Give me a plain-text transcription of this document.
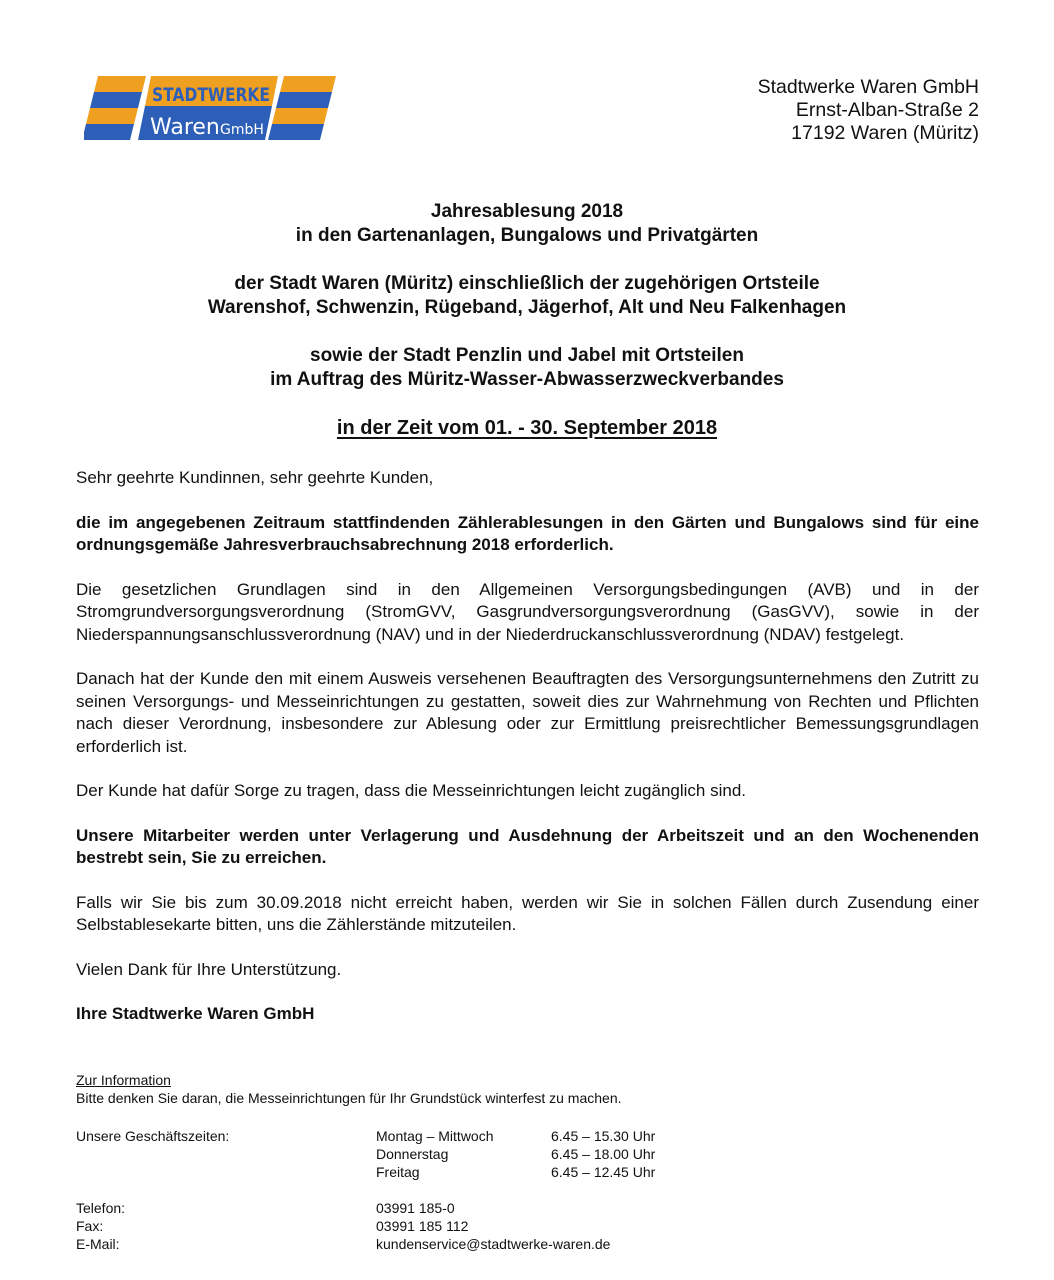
STADTWERKE
Waren GmbH
Stadtwerke Waren GmbH
Ernst-Alban-Straße 2
17192 Waren (Müritz)
Jahresablesung 2018
in den Gartenanlagen, Bungalows und Privatgärten
der Stadt Waren (Müritz) einschließlich der zugehörigen Ortsteile
Warenshof, Schwenzin, Rügeband, Jägerhof, Alt und Neu Falkenhagen
sowie der Stadt Penzlin und Jabel mit Ortsteilen
im Auftrag des Müritz-Wasser-Abwasserzweckverbandes
in der Zeit vom 01. - 30. September 2018

Sehr geehrte Kundinnen, sehr geehrte Kunden,

die im angegebenen Zeitraum stattfindenden Zählerablesungen in den Gärten und Bungalows sind für eine ordnungsgemäße Jahresverbrauchsabrechnung 2018 erforderlich.

Die gesetzlichen Grundlagen sind in den Allgemeinen Versorgungsbedingungen (AVB) und in der Stromgrundversorgungsverordnung (StromGVV, Gasgrundversorgungsverordnung (GasGVV), sowie in der Niederspannungsanschlussverordnung (NAV) und in der Niederdruckanschlussverordnung (NDAV) festgelegt.

Danach hat der Kunde den mit einem Ausweis versehenen Beauftragten des Versorgungsunternehmens den Zutritt zu seinen Versorgungs- und Messeinrichtungen zu gestatten, soweit dies zur Wahrnehmung von Rechten und Pflichten nach dieser Verordnung, insbesondere zur Ablesung oder zur Ermittlung preisrechtlicher Bemessungsgrundlagen erforderlich ist.

Der Kunde hat dafür Sorge zu tragen, dass die Messeinrichtungen leicht zugänglich sind.

Unsere Mitarbeiter werden unter Verlagerung und Ausdehnung der Arbeitszeit und an den Wochenenden bestrebt sein, Sie zu erreichen.

Falls wir Sie bis zum 30.09.2018 nicht erreicht haben, werden wir Sie in solchen Fällen durch Zusendung einer Selbstablesekarte bitten, uns die Zählerstände mitzuteilen.

Vielen Dank für Ihre Unterstützung.

Ihre Stadtwerke Waren GmbH

Zur Information
Bitte denken Sie daran, die Messeinrichtungen für Ihr Grundstück winterfest zu machen.
Unsere Geschäftszeiten:	Montag – Mittwoch	6.45 – 15.30 Uhr
Donnerstag	6.45 – 18.00 Uhr
Freitag	6.45 – 12.45 Uhr
Telefon:	03991 185-0
Fax:	03991 185 112
E-Mail:	kundenservice@stadtwerke-waren.de
